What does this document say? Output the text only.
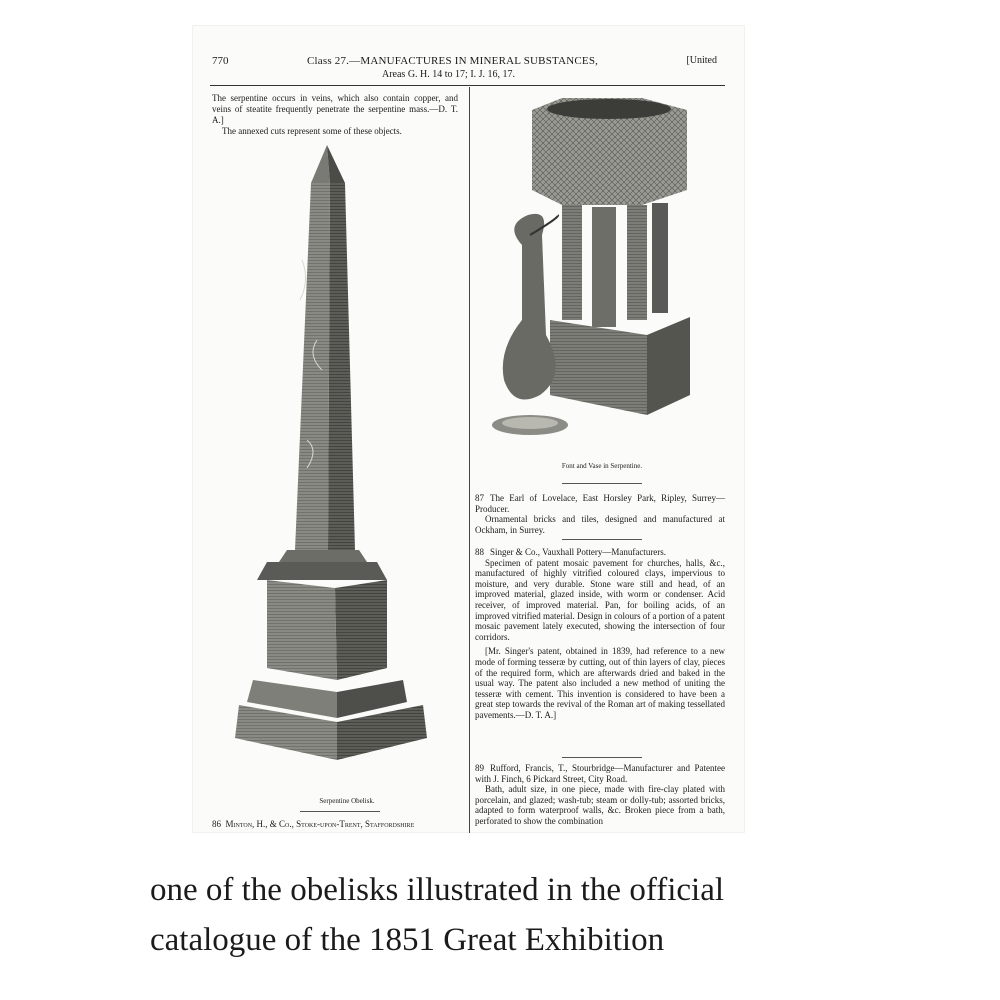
770	Class 27.—MANUFACTURES IN MINERAL SUBSTANCES,
Areas G. H. 14 to 17; I. J. 16, 17.
[United

The serpentine occurs in veins, which also contain copper, and veins of steatite frequently penetrate the serpentine mass.—D. T. A.]

The annexed cuts represent some of these objects.

Serpentine Obelisk.
86 Minton, H., & Co., Stoke-upon-Trent, Staffordshire
Font and Vase in Serpentine.

87 The Earl of Lovelace, East Horsley Park, Ripley, Surrey—Producer.

Ornamental bricks and tiles, designed and manufactured at Ockham, in Surrey.

88 Singer & Co., Vauxhall Pottery—Manufacturers.

Specimen of patent mosaic pavement for churches, halls, &c., manufactured of highly vitrified coloured clays, impervious to moisture, and very durable. Stone ware still and head, of an improved material, glazed inside, with worm or condenser. Acid receiver, of improved material. Pan, for boiling acids, of an improved vitrified material. Design in colours of a portion of a patent mosaic pavement lately executed, showing the intersection of four corridors.

[Mr. Singer's patent, obtained in 1839, had reference to a new mode of forming tesseræ by cutting, out of thin layers of clay, pieces of the required form, which are afterwards dried and baked in the usual way. The patent also included a new method of uniting the tesseræ with cement. This invention is considered to have been a great step towards the revival of the Roman art of making tessellated pavements.—D. T. A.]

89 Rufford, Francis, T., Stourbridge—Manufacturer and Patentee with J. Finch, 6 Pickard Street, City Road.

Bath, adult size, in one piece, made with fire-clay plated with porcelain, and glazed; wash-tub; steam or dolly-tub; assorted bricks, adapted to form waterproof walls, &c. Broken piece from a bath, perforated to show the combination

one of the obelisks illustrated in the official
catalogue of the 1851 Great Exhibition
